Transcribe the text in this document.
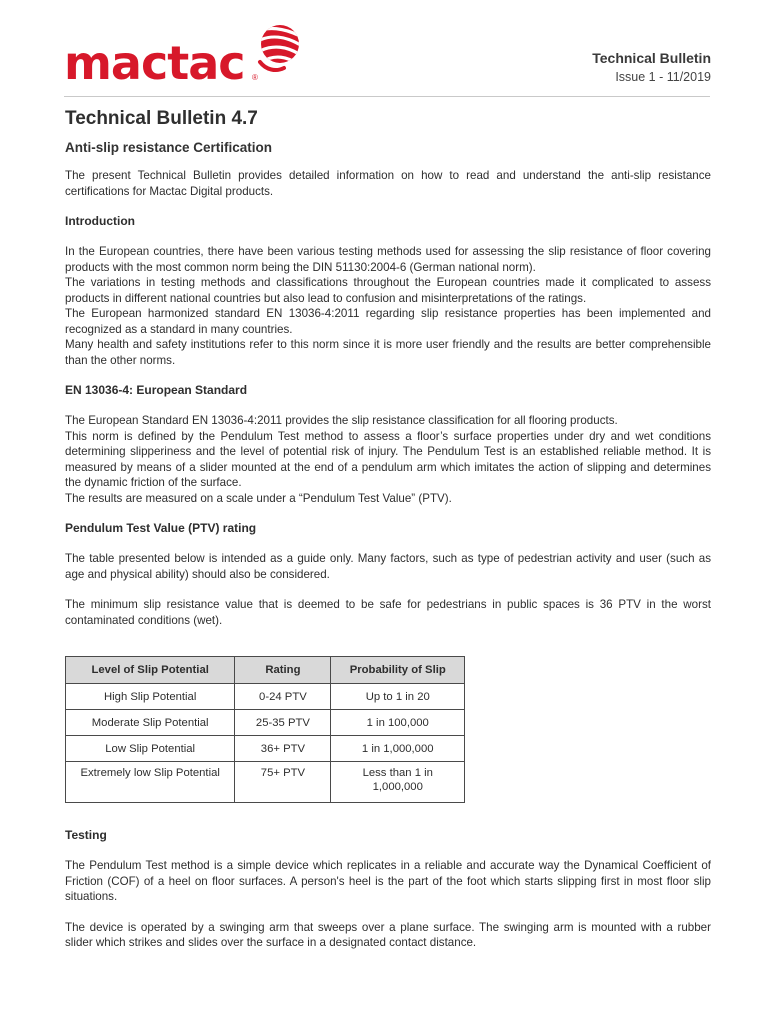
mactac ®
Technical Bulletin
Issue 1 - 11/2019
Technical Bulletin 4.7
Anti-slip resistance Certification

The present Technical Bulletin provides detailed information on how to read and understand the anti-slip resistance certifications for Mactac Digital products.

Introduction

In the European countries, there have been various testing methods used for assessing the slip resistance of floor covering products with the most common norm being the DIN 51130:2004-6 (German national norm).

The variations in testing methods and classifications throughout the European countries made it complicated to assess products in different national countries but also lead to confusion and misinterpretations of the ratings.

The European harmonized standard EN 13036-4:2011 regarding slip resistance properties has been implemented and recognized as a standard in many countries.

Many health and safety institutions refer to this norm since it is more user friendly and the results are better comprehensible than the other norms.

EN 13036-4: European Standard

The European Standard EN 13036-4:2011 provides the slip resistance classification for all flooring products.

This norm is defined by the Pendulum Test method to assess a floor’s surface properties under dry and wet conditions determining slipperiness and the level of potential risk of injury. The Pendulum Test is an established reliable method. It is measured by means of a slider mounted at the end of a pendulum arm which imitates the action of slipping and determines the dynamic friction of the surface.

The results are measured on a scale under a “Pendulum Test Value” (PTV).

Pendulum Test Value (PTV) rating

The table presented below is intended as a guide only. Many factors, such as type of pedestrian activity and user (such as age and physical ability) should also be considered.

The minimum slip resistance value that is deemed to be safe for pedestrians in public spaces is 36 PTV in the worst contaminated conditions (wet).

Level of Slip Potential	Rating	Probability of Slip
High Slip Potential	0-24 PTV	Up to 1 in 20
Moderate Slip Potential	25-35 PTV	1 in 100,000
Low Slip Potential	36+ PTV	1 in 1,000,000
Extremely low Slip Potential	75+ PTV	Less than 1 in 1,000,000
Testing

The Pendulum Test method is a simple device which replicates in a reliable and accurate way the Dynamical Coefficient of Friction (COF) of a heel on floor surfaces. A person's heel is the part of the foot which starts slipping first in most floor slip situations.

The device is operated by a swinging arm that sweeps over a plane surface. The swinging arm is mounted with a rubber slider which strikes and slides over the surface in a designated contact distance.
